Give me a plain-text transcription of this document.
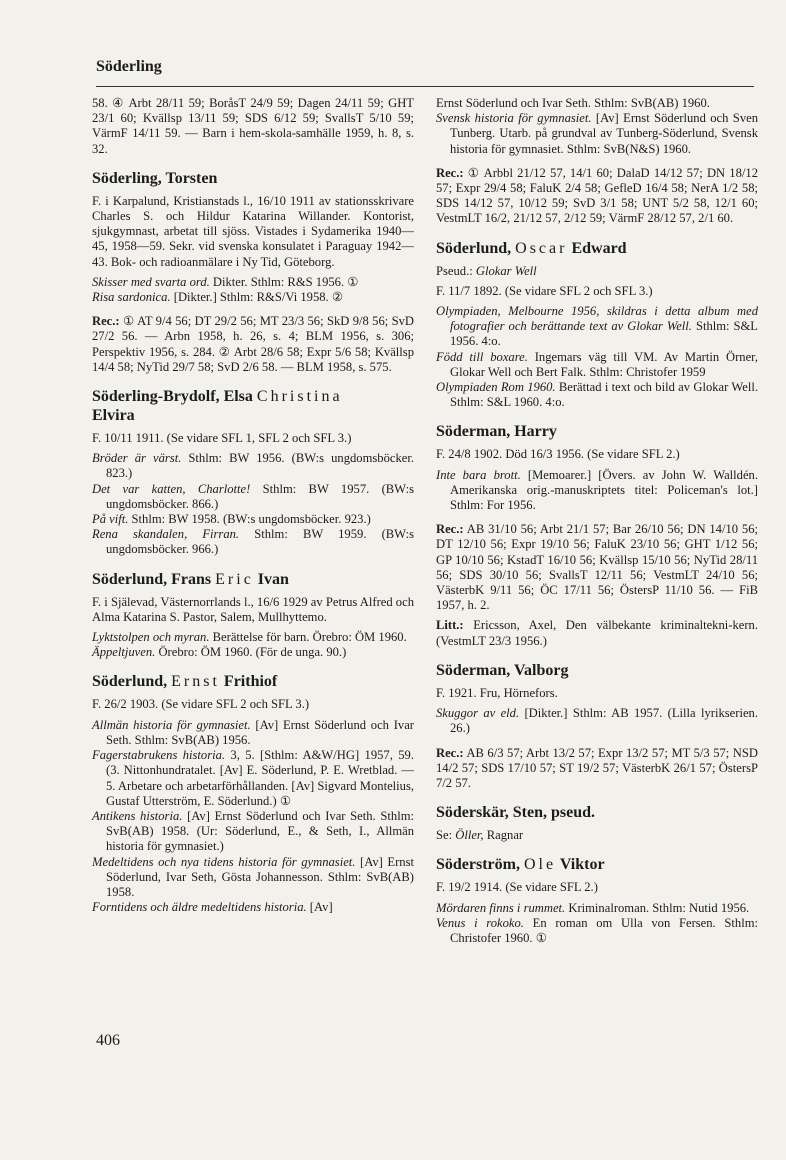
Söderling

58. ④ Arbt 28/11 59; BoråsT 24/9 59; Dagen 24/11 59; GHT 23/1 60; Kvällsp 13/11 59; SDS 6/12 59; SvallsT 5/10 59; VärmF 14/11 59. — Barn i hem-skola-samhälle 1959, h. 8, s. 32.

Söderling, Torsten

F. i Karpalund, Kristianstads l., 16/10 1911 av stationsskrivare Charles S. och Hildur Katarina Willander. Kontorist, sjukgymnast, arbetat till sjöss. Vistades i Sydamerika 1940—45, 1958—59. Sekr. vid svenska konsulatet i Paraguay 1942—43. Bok- och radioanmälare i Ny Tid, Göteborg.

Skisser med svarta ord. Dikter. Sthlm: R&S 1956. ①

Risa sardonica. [Dikter.] Sthlm: R&S/Vi 1958. ②

Rec.: ① AT 9/4 56; DT 29/2 56; MT 23/3 56; SkD 9/8 56; SvD 27/2 56. — Arbn 1958, h. 26, s. 4; BLM 1956, s. 306; Perspektiv 1956, s. 284. ② Arbt 28/6 58; Expr 5/6 58; Kvällsp 14/4 58; NyTid 29/7 58; SvD 2/6 58. — BLM 1958, s. 575.

Söderling-Brydolf, Elsa Christina
Elvira

F. 10/11 1911. (Se vidare SFL 1, SFL 2 och SFL 3.)

Bröder är värst. Sthlm: BW 1956. (BW:s ungdomsböcker. 823.)

Det var katten, Charlotte! Sthlm: BW 1957. (BW:s ungdomsböcker. 866.)

På vift. Sthlm: BW 1958. (BW:s ungdomsböcker. 923.)

Rena skandalen, Firran. Sthlm: BW 1959. (BW:s ungdomsböcker. 966.)

Söderlund, Frans Eric Ivan

F. i Själevad, Västernorrlands l., 16/6 1929 av Petrus Alfred och Alma Katarina S. Pastor, Salem, Mullhyttemo.

Lyktstolpen och myran. Berättelse för barn. Örebro: ÖM 1960.

Äppeltjuven. Örebro: ÖM 1960. (För de unga. 90.)

Söderlund, Ernst Frithiof

F. 26/2 1903. (Se vidare SFL 2 och SFL 3.)

Allmän historia för gymnasiet. [Av] Ernst Söderlund och Ivar Seth. Sthlm: SvB(AB) 1956.

Fagerstabrukens historia. 3, 5. [Sthlm: A&W/HG] 1957, 59. (3. Nittonhundratalet. [Av] E. Söderlund, P. E. Wretblad. — 5. Arbetare och arbetarförhållanden. [Av] Sigvard Montelius, Gustaf Utterström, E. Söderlund.) ①

Antikens historia. [Av] Ernst Söderlund och Ivar Seth. Sthlm: SvB(AB) 1958. (Ur: Söderlund, E., & Seth, I., Allmän historia för gymnasiet.)

Medeltidens och nya tidens historia för gymnasiet. [Av] Ernst Söderlund, Ivar Seth, Gösta Johannesson. Sthlm: SvB(AB) 1958.

Forntidens och äldre medeltidens historia. [Av]

Ernst Söderlund och Ivar Seth. Sthlm: SvB(AB) 1960.

Svensk historia för gymnasiet. [Av] Ernst Söderlund och Sven Tunberg. Utarb. på grundval av Tunberg-Söderlund, Svensk historia för gymnasiet. Sthlm: SvB(N&S) 1960.

Rec.: ① Arbbl 21/12 57, 14/1 60; DalaD 14/12 57; DN 18/12 57; Expr 29/4 58; FaluK 2/4 58; GefleD 16/4 58; NerA 1/2 58; SDS 14/12 57, 10/12 59; SvD 3/1 58; UNT 5/2 58, 12/1 60; VestmLT 16/2, 21/12 57, 2/12 59; VärmF 28/12 57, 2/1 60.

Söderlund, Oscar Edward

Pseud.: Glokar Well

F. 11/7 1892. (Se vidare SFL 2 och SFL 3.)

Olympiaden, Melbourne 1956, skildras i detta album med fotografier och berättande text av Glokar Well. Sthlm: S&L 1956. 4:o.

Född till boxare. Ingemars väg till VM. Av Martin Örner, Glokar Well och Bert Falk. Sthlm: Christofer 1959

Olympiaden Rom 1960. Berättad i text och bild av Glokar Well. Sthlm: S&L 1960. 4:o.

Söderman, Harry

F. 24/8 1902. Död 16/3 1956. (Se vidare SFL 2.)

Inte bara brott. [Memoarer.] [Övers. av John W. Walldén. Amerikanska orig.-manuskriptets titel: Policeman's lot.] Sthlm: For 1956.

Rec.: AB 31/10 56; Arbt 21/1 57; Bar 26/10 56; DN 14/10 56; DT 12/10 56; Expr 19/10 56; FaluK 23/10 56; GHT 1/12 56; GP 10/10 56; KstadT 16/10 56; Kvällsp 15/10 56; NyTid 28/11 56; SDS 30/10 56; SvallsT 12/11 56; VestmLT 24/10 56; VästerbK 9/11 56; ÖC 17/11 56; ÖstersP 11/10 56. — FiB 1957, h. 2.

Litt.: Ericsson, Axel, Den välbekante kriminaltekni-kern. (VestmLT 23/3 1956.)

Söderman, Valborg

F. 1921. Fru, Hörnefors.

Skuggor av eld. [Dikter.] Sthlm: AB 1957. (Lilla lyrikserien. 26.)

Rec.: AB 6/3 57; Arbt 13/2 57; Expr 13/2 57; MT 5/3 57; NSD 14/2 57; SDS 17/10 57; ST 19/2 57; VästerbK 26/1 57; ÖstersP 7/2 57.

Söderskär, Sten, pseud.

Se: Öller, Ragnar

Söderström, Ole Viktor

F. 19/2 1914. (Se vidare SFL 2.)

Mördaren finns i rummet. Kriminalroman. Sthlm: Nutid 1956.

Venus i rokoko. En roman om Ulla von Fersen. Sthlm: Christofer 1960. ①

406
